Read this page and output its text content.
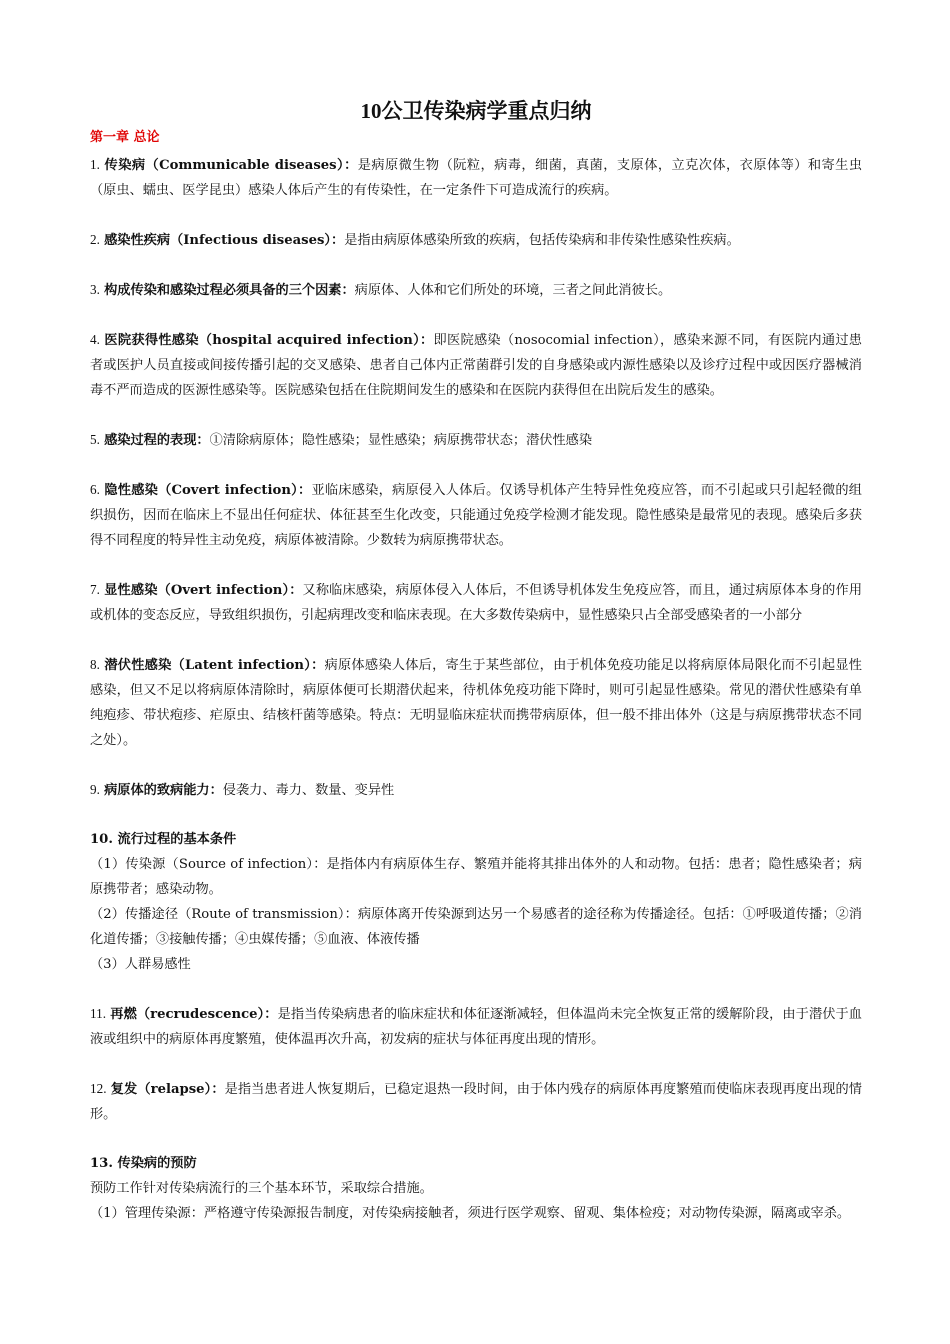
10公卫传染病学重点归纳
第一章 总论

1. 传染病（Communicable diseases）：是病原微生物（阮粒，病毒，细菌，真菌，支原体，立克次体，衣原体等）和寄生虫（原虫、蠕虫、医学昆虫）感染人体后产生的有传染性，在一定条件下可造成流行的疾病。

2. 感染性疾病（Infectious diseases）：是指由病原体感染所致的疾病，包括传染病和非传染性感染性疾病。

3. 构成传染和感染过程必须具备的三个因素：病原体、人体和它们所处的环境，三者之间此消彼长。

4. 医院获得性感染（hospital acquired infection）：即医院感染（nosocomial infection），感染来源不同，有医院内通过患者或医护人员直接或间接传播引起的交叉感染、患者自己体内正常菌群引发的自身感染或内源性感染以及诊疗过程中或因医疗器械消毒不严而造成的医源性感染等。医院感染包括在住院期间发生的感染和在医院内获得但在出院后发生的感染。

5. 感染过程的表现：①清除病原体；隐性感染；显性感染；病原携带状态；潜伏性感染

6. 隐性感染（Covert infection）：亚临床感染，病原侵入人体后。仅诱导机体产生特异性免疫应答，而不引起或只引起轻微的组织损伤，因而在临床上不显出任何症状、体征甚至生化改变，只能通过免疫学检测才能发现。隐性感染是最常见的表现。感染后多获得不同程度的特异性主动免疫，病原体被清除。少数转为病原携带状态。

7. 显性感染（Overt infection）：又称临床感染，病原体侵入人体后，不但诱导机体发生免疫应答，而且，通过病原体本身的作用或机体的变态反应，导致组织损伤，引起病理改变和临床表现。在大多数传染病中，显性感染只占全部受感染者的一小部分

8. 潜伏性感染（Latent infection）：病原体感染人体后，寄生于某些部位，由于机体免疫功能足以将病原体局限化而不引起显性感染，但又不足以将病原体清除时，病原体便可长期潜伏起来，待机体免疫功能下降时，则可引起显性感染。常见的潜伏性感染有单纯疱疹、带状疱疹、疟原虫、结核杆菌等感染。特点：无明显临床症状而携带病原体，但一般不排出体外（这是与病原携带状态不同之处）。

9. 病原体的致病能力：侵袭力、毒力、数量、变异性

10. 流行过程的基本条件

（1）传染源（Source of infection）：是指体内有病原体生存、繁殖并能将其排出体外的人和动物。包括：患者；隐性感染者；病原携带者；感染动物。

（2）传播途径（Route of transmission）：病原体离开传染源到达另一个易感者的途径称为传播途径。包括：①呼吸道传播；②消化道传播；③接触传播；④虫媒传播；⑤血液、体液传播

（3）人群易感性

11. 再燃（recrudescence）：是指当传染病患者的临床症状和体征逐渐减轻，但体温尚未完全恢复正常的缓解阶段，由于潜伏于血液或组织中的病原体再度繁殖，使体温再次升高，初发病的症状与体征再度出现的情形。

12. 复发（relapse）：是指当患者进人恢复期后，已稳定退热一段时间，由于体内残存的病原体再度繁殖而使临床表现再度出现的情形。

13. 传染病的预防

预防工作针对传染病流行的三个基本环节，采取综合措施。

（1）管理传染源：严格遵守传染源报告制度，对传染病接触者，须进行医学观察、留观、集体检疫；对动物传染源，隔离或宰杀。
